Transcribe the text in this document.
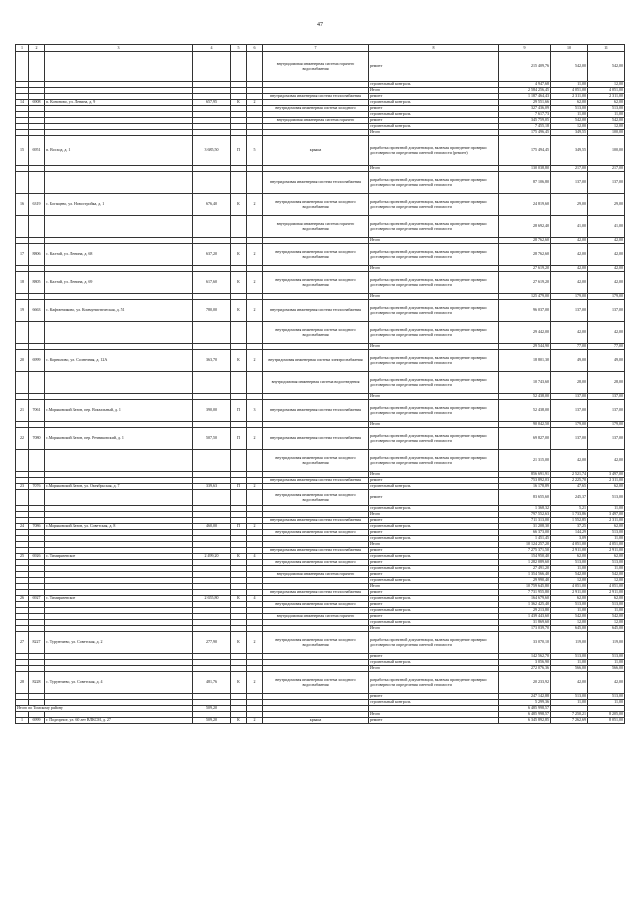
47
1	2	3	4	5	6	7	8	9	10	11
						внутридомовая инженерная система горячего водоснабжения	ремонт	215 409,76	542,00	542,00
							строительный контроль	4 947,68	11,00	12,00
							Итого	2 584 256,45	4 051,00	4 051,00
						внутридомовая инженерная система теплоснабжения	ремонт	1 187 464,43	2 311,00	2 311,00
14	6908	п. Кононово, ул. Ленина, д. 9	657,95	К	2		строительный контроль	29 551,66	62,00	62,00
						внутридомовая инженерная система холодного	ремонт	327 436,09	513,00	513,00
							строительный контроль	7 617,73	11,00	11,00
						внутридомовая инженерная система горячего	ремонт	345 759,05	542,00	542,00
							строительный контроль	7 455,18	12,00	12,00
							Итого	175 496,45	349,55	100,00
15	6951	п. Восход, д. 1	3 685,50	П	5	крыша	разработка проектной документации, включая проведение проверки достоверности определения сметной стоимости (ремонт)	175 494,45	349,55	100,00
							Итого	130 038,80	217,00	217,00
						внутридомовая инженерная система теплоснабжения	разработка проектной документации, включая проведение проверки достоверности определения сметной стоимости	87 106,80	137,00	137,00
16	6319	с. Богащево, ул. Новостройка, д. 1	676,40	К	2	внутридомовая инженерная система холодного водоснабжения	разработка проектной документации, включая проведение проверки достоверности определения сметной стоимости	24 819,60	29,00	29,00
						внутридомовая инженерная система горячего водоснабжения	разработка проектной документации, включая проведение проверки достоверности определения сметной стоимости	28 692,40	41,00	41,00
							Итого	28 762,60	42,00	42,00
17	8806	с. Калтай, ул. Ленина, д. 68	637,20	К	2	внутридомовая инженерная система холодного водоснабжения	разработка проектной документации, включая проведение проверки достоверности определения сметной стоимости	28 762,60	42,00	42,00
							Итого	27 619,20	42,00	42,00
18	8805	с. Калтай, ул. Ленина, д. 69	617,60	К	2	внутридомовая инженерная система холодного водоснабжения	разработка проектной документации, включая проведение проверки достоверности определения сметной стоимости	27 619,20	42,00	42,00
							Итого	125 479,00	179,00	179,00
19	6663	с. Кафтанчиково, ул. Коммунистическая, д. 51	780,00	К	2	внутридомовая инженерная система теплоснабжения	разработка проектной документации, включая проведение проверки достоверности определения сметной стоимости	96 037,00	137,00	137,00
						внутридомовая инженерная система холодного водоснабжения	разработка проектной документации, включая проведение проверки достоверности определения сметной стоимости	29 442,00	42,00	42,00
							Итого	29 544,90	77,00	77,00
20	6999	с. Корнилово, ул. Солнечная, д. 12А	363,70	К	2	внутридомовая инженерная система электроснабжения	разработка проектной документации, включая проведение проверки достоверности определения сметной стоимости	18 801,30	49,00	49,00
						внутридомовая инженерная система водоотведения	разработка проектной документации, включая проведение проверки достоверности определения сметной стоимости	10 743,60	28,00	28,00
							Итого	52 438,00	137,00	137,00
21	7061	с.Моряковский Затон, пер. Вокзальный, д. 1	390,00	П	3	внутридомовая инженерная система теплоснабжения	разработка проектной документации, включая проведение проверки достоверности определения сметной стоимости	52 438,00	137,00	137,00
							Итого	90 042,50	179,00	179,00
22	7080	с.Моряковский Затон, пер. Речниковский, д. 1	507,50	П	2	внутридомовая инженерная система теплоснабжения	разработка проектной документации, включая проведение проверки достоверности определения сметной стоимости	69 827,00	137,00	137,00
						внутридомовая инженерная система холодного водоснабжения	разработка проектной документации, включая проведение проверки достоверности определения сметной стоимости	21 315,00	42,00	42,00
							Итого	856 691,91	2 521,74	3 497,00
						внутридомовая инженерная система теплоснабжения	ремонт	753 892,03	2 225,70	2 311,00
23	7076	с.Моряковский Затон, ул. Октябрьская, д. 7	339,63	П	2		строительный контроль	16 178,89	47,65	62,00
						внутридомовая инженерная система холодного водоснабжения	ремонт	83 655,60	245,37	513,00
							строительный контроль	1 368,32	5,21	11,00
							Итого	797 552,63	1 733,86	3 497,00
						внутридомовая инженерная система теплоснабжения	ремонт	711 313,00	1 552,85	2 311,00
24	7086	с.Моряковский Затон, ул. Советская, д. 8	460,00	П	2		строительный контроль	31 208,30	37,25	62,00
						внутридомовая инженерная система холодного	ремонт	66 373,00	144,29	513,00
							строительный контроль	1 451,45	3,09	11,00
							Итого	10 124 257,20	4 051,00	4 051,00
						внутридомовая инженерная система теплоснабжения	ремонт	7 275 371,50	2 911,00	2 911,00
25	6926	с. Тимирязевское	2 499,20	К	4		строительный контроль	154 950,40	62,00	62,00
						внутридомовая инженерная система холодного	ремонт	1 282 089,60	513,00	513,00
							строительный контроль	27 491,20	11,00	11,00
						внутридомовая инженерная система горячего	ремонт	1 354 566,40	542,00	542,00
							строительный контроль	29 990,40	12,00	12,00
							Итого	10 759 645,80	4 051,00	4 051,00
						внутридомовая инженерная система теплоснабжения	ремонт	7 731 955,80	2 911,00	2 911,00
26	6927	с. Тимирязевское	2 655,80	К	4		строительный контроль	164 679,60	62,00	62,00
						внутридомовая инженерная система холодного	ремонт	1 362 425,40	513,00	513,00
							строительный контроль	29 213,80	11,00	11,00
						внутридомовая инженерная система горячего	ремонт	1 439 443,60	542,00	542,00
							строительный контроль	31 869,60	12,00	12,00
							Итого	173 039,70	645,00	645,00
27	8227	с. Турунтаево, ул. Советская, д. 2	277,90	К	2	внутридомовая инженерная система холодного водоснабжения	разработка проектной документации, включая проведение проверки достоверности определения сметной стоимости	33 070,10	119,00	119,00
							ремонт	142 562,70	513,00	513,00
							строительный контроль	3 056,90	11,00	11,00
							Итого	272 076,36	566,00	566,00
28	8228	с. Турунтаево, ул. Советская, д. 4	481,76	К	2	внутридомовая инженерная система холодного водоснабжения	разработка проектной документации, включая проведение проверки достоверности определения сметной стоимости	20 233,92	42,00	42,00
							ремонт	247 142,88	513,00	513,00
							строительный контроль	5 299,36	11,00	11,00
Итого по Томскому району			509,20					6 485 998,57		
							Итого	6 485 998,57	7 250,21	8 205,00
1	6999	г. Подгорное, ул. 60 лет ВЛКСМ, д. 27	509,20	К	2	крыша	ремонт	6 345 892,85	7 262,69	8 051,00
